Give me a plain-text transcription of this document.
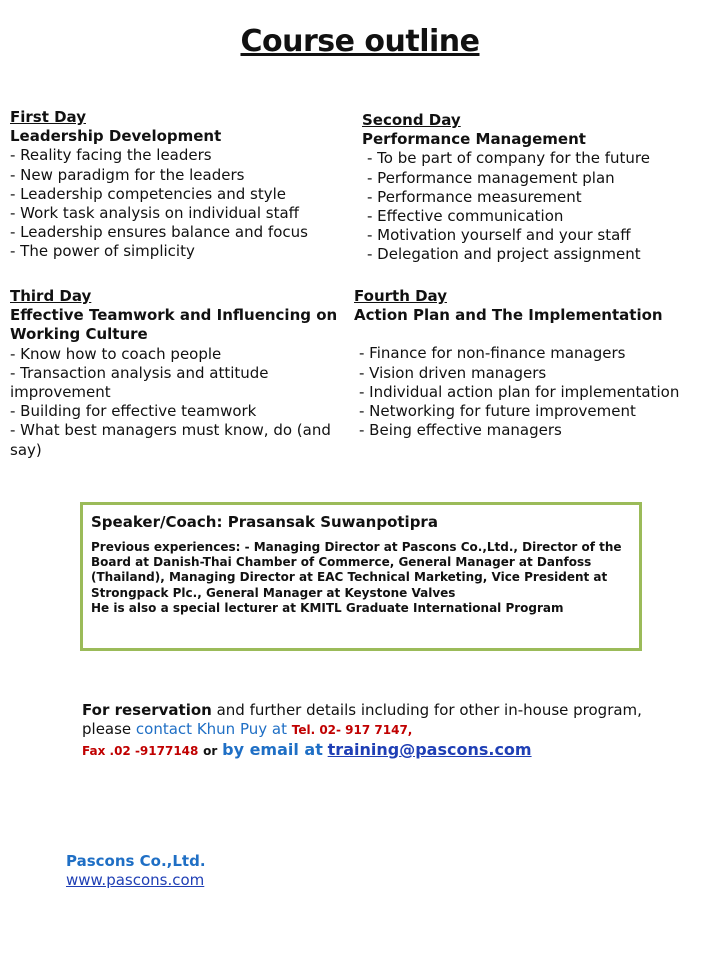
Course outline
First Day
Leadership Development
- Reality facing the leaders
- New paradigm for the leaders
- Leadership competencies and style
- Work task analysis on individual staff
- Leadership ensures balance and focus
- The power of simplicity
Second Day
Performance Management
- To be part of company for the future
- Performance management plan
- Performance measurement
- Effective communication
- Motivation yourself and your staff
- Delegation and project assignment
Third Day
Effective Teamwork and Influencing on Working Culture
- Know how to coach people
- Transaction analysis and attitude improvement
- Building for effective teamwork
- What best managers must know, do (and say)
Fourth Day
Action Plan and The Implementation
- Finance for non-finance managers
- Vision driven managers
- Individual action plan for implementation
- Networking for future improvement
- Being effective managers
Speaker/Coach: Prasansak Suwanpotipra
Previous experiences: - Managing Director at Pascons Co.,Ltd., Director of the Board at Danish-Thai Chamber of Commerce, General Manager at Danfoss (Thailand), Managing Director at EAC Technical Marketing, Vice President at Strongpack Plc., General Manager at Keystone Valves
He is also a special lecturer at KMITL Graduate International Program
For reservation and further details including for other in-house program, please contact Khun Puy at Tel. 02- 917 7147,
Fax .02 -9177148 or by email at training@pascons.com
Pascons Co.,Ltd.
www.pascons.com
